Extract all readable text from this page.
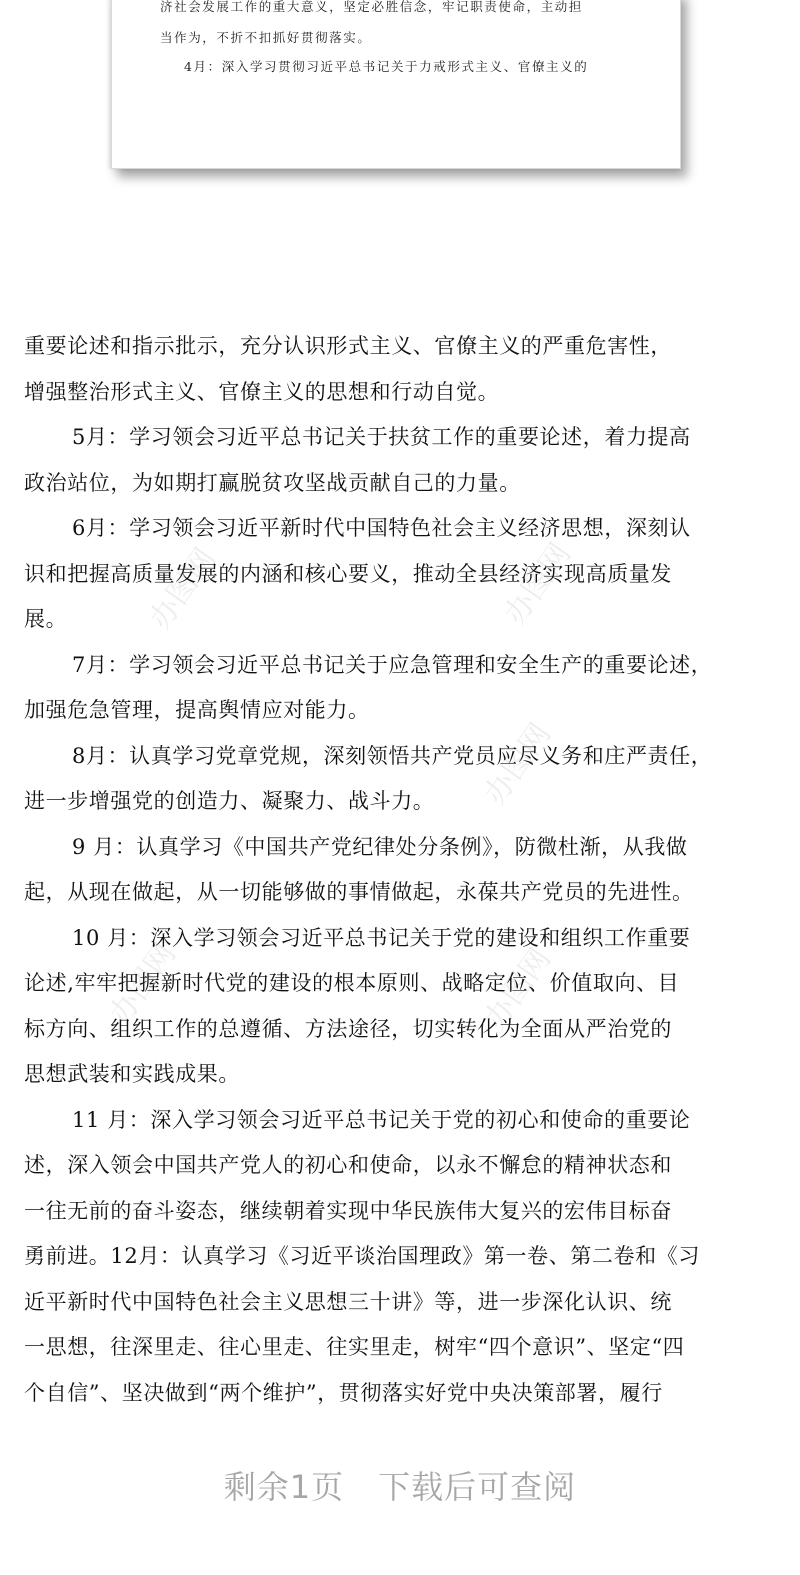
济社会发展工作的重大意义，坚定必胜信念，牢记职责使命，主动担
当作为，不折不扣抓好贯彻落实。
4月：深入学习贯彻习近平总书记关于力戒形式主义、官僚主义的
办图网	办图网
办图网
办图网	办图网
重要论述和指示批示，充分认识形式主义、官僚主义的严重危害性，
增强整治形式主义、官僚主义的思想和行动自觉。
5月：学习领会习近平总书记关于扶贫工作的重要论述，着力提高
政治站位，为如期打赢脱贫攻坚战贡献自己的力量。
6月：学习领会习近平新时代中国特色社会主义经济思想，深刻认
识和把握高质量发展的内涵和核心要义，推动全县经济实现高质量发
展。
7月：学习领会习近平总书记关于应急管理和安全生产的重要论述，
加强危急管理，提高舆情应对能力。
8月：认真学习党章党规，深刻领悟共产党员应尽义务和庄严责任，
进一步增强党的创造力、凝聚力、战斗力。
9 月：认真学习《中国共产党纪律处分条例》，防微杜渐，从我做
起，从现在做起，从一切能够做的事情做起，永葆共产党员的先进性。
10 月：深入学习领会习近平总书记关于党的建设和组织工作重要
论述,牢牢把握新时代党的建设的根本原则、战略定位、价值取向、目
标方向、组织工作的总遵循、方法途径，切实转化为全面从严治党的
思想武装和实践成果。
11 月：深入学习领会习近平总书记关于党的初心和使命的重要论
述，深入领会中国共产党人的初心和使命，以永不懈怠的精神状态和
一往无前的奋斗姿态，继续朝着实现中华民族伟大复兴的宏伟目标奋
勇前进。12月：认真学习《习近平谈治国理政》第一卷、第二卷和《习
近平新时代中国特色社会主义思想三十讲》等，进一步深化认识、统
一思想，往深里走、往心里走、往实里走，树牢“四个意识”、坚定“四
个自信”、坚决做到“两个维护”，贯彻落实好党中央决策部署，履行
剩余1页 下载后可查阅
